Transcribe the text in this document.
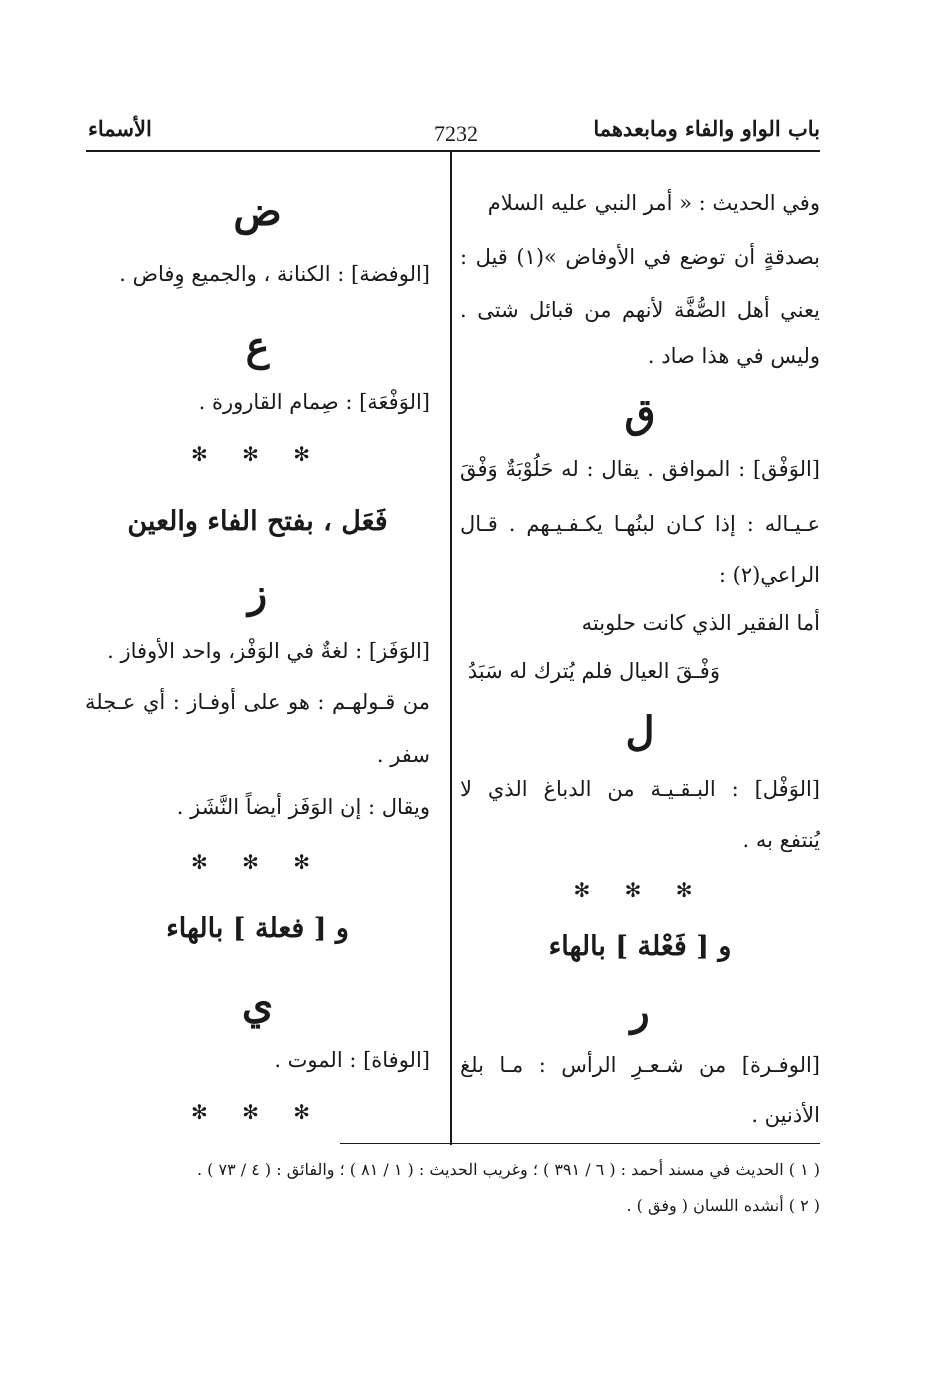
باب الواو والفاء ومابعدهما
7232
الأسماء
وفي الحديث : « أمر النبي عليه السلام
بصدقةٍ أن توضع في الأوفاض »(١) قيل :
يعني أهل الصُّفَّة لأنهم من قبائل شتى .
وليس في هذا صاد .
ق
[الوَفْق] : الموافق . يقال : له حَلُوْبَةٌ وَفْقَ
عـيـاله : إذا كـان لبنُهـا يكـفـيـهم . قـال
الراعي(٢) :
أما الفقير الذي كانت حلوبته
وَفْـقَ العيال فلم يُترك له سَبَدُ
ل
[الوَفْل] : البـقـيـة من الدباغ الذي لا
يُنتفع به .
✻ ✻ ✻
و [ فَعْلة ] بالهاء
ر
[الوفـرة] من شـعـرِ الرأس : مـا بلغ
الأذنين .
ض
[الوفضة] : الكنانة ، والجميع وِفاض .
ع
[الوَفْعَة] : صِمام القارورة .
✻ ✻ ✻
فَعَل ، بفتح الفاء والعين
ز
[الوَفَز] : لغةٌ في الوَفْز، واحد الأوفاز .
من قـولهـم : هو على أوفـاز : أي عـجلة
سفر .
ويقال : إن الوَفَز أيضاً النَّشَز .
✻ ✻ ✻
و [ فعلة ] بالهاء
ي
[الوفاة] : الموت .
✻ ✻ ✻
( ١ ) الحديث في مسند أحمد : ( ٦ / ٣٩١ ) ؛ وغريب الحديث : ( ١ / ٨١ ) ؛ والفائق : ( ٤ / ٧٣ ) .
( ٢ ) أنشده اللسان ( وفق ) .
